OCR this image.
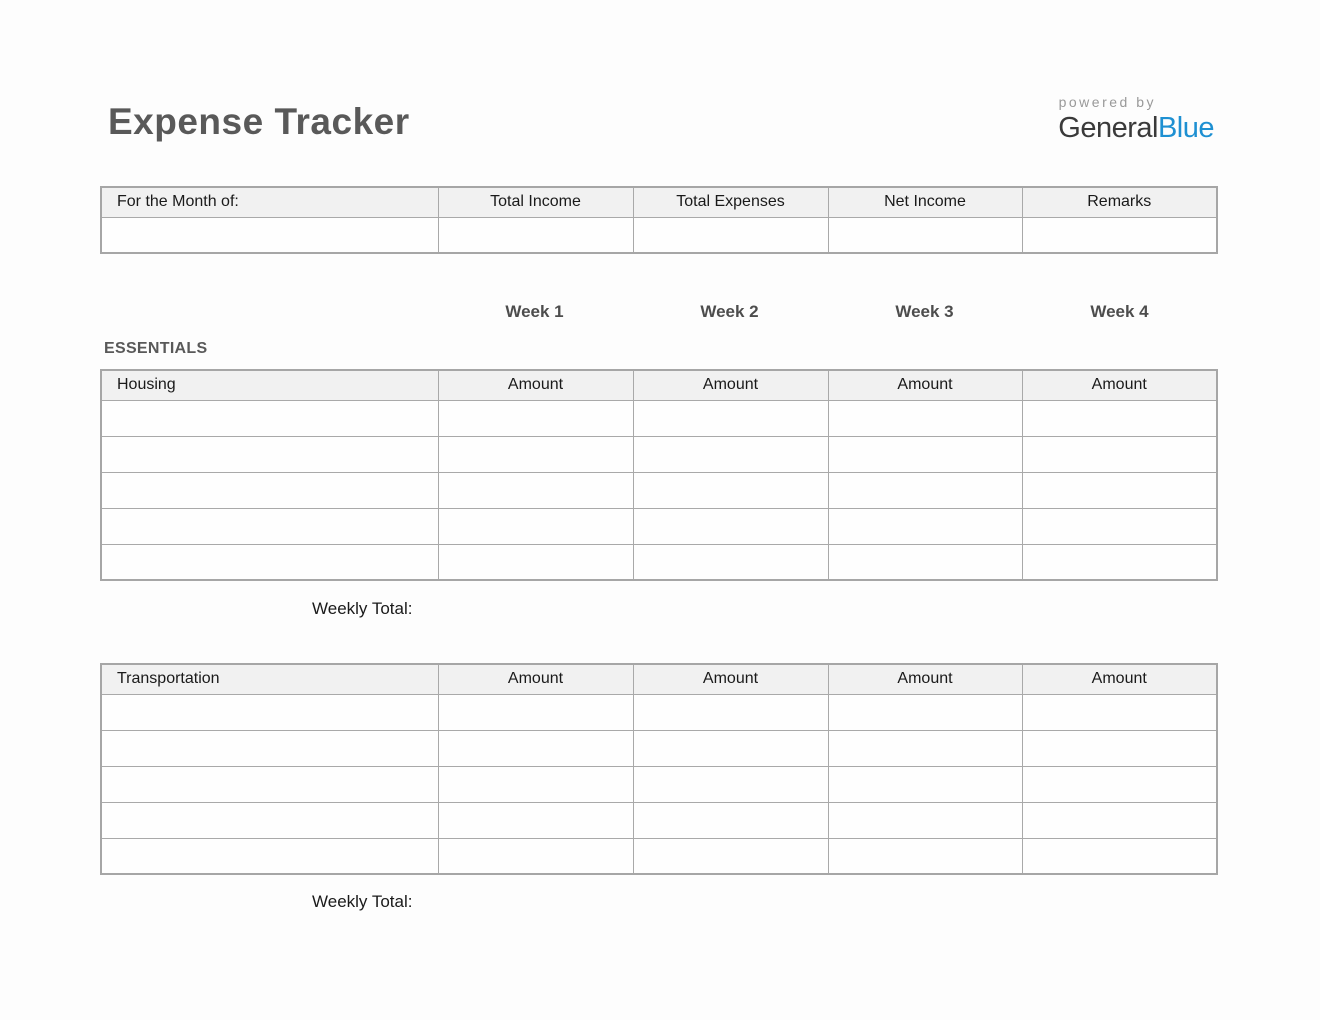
Expense Tracker	powered by
GeneralBlue
For the Month of:	Total Income	Total Expenses	Net Income	Remarks

Week 1	Week 2	Week 3	Week 4
ESSENTIALS
Housing	Amount	Amount	Amount	Amount

Weekly Total:
Transportation	Amount	Amount	Amount	Amount

Weekly Total:
